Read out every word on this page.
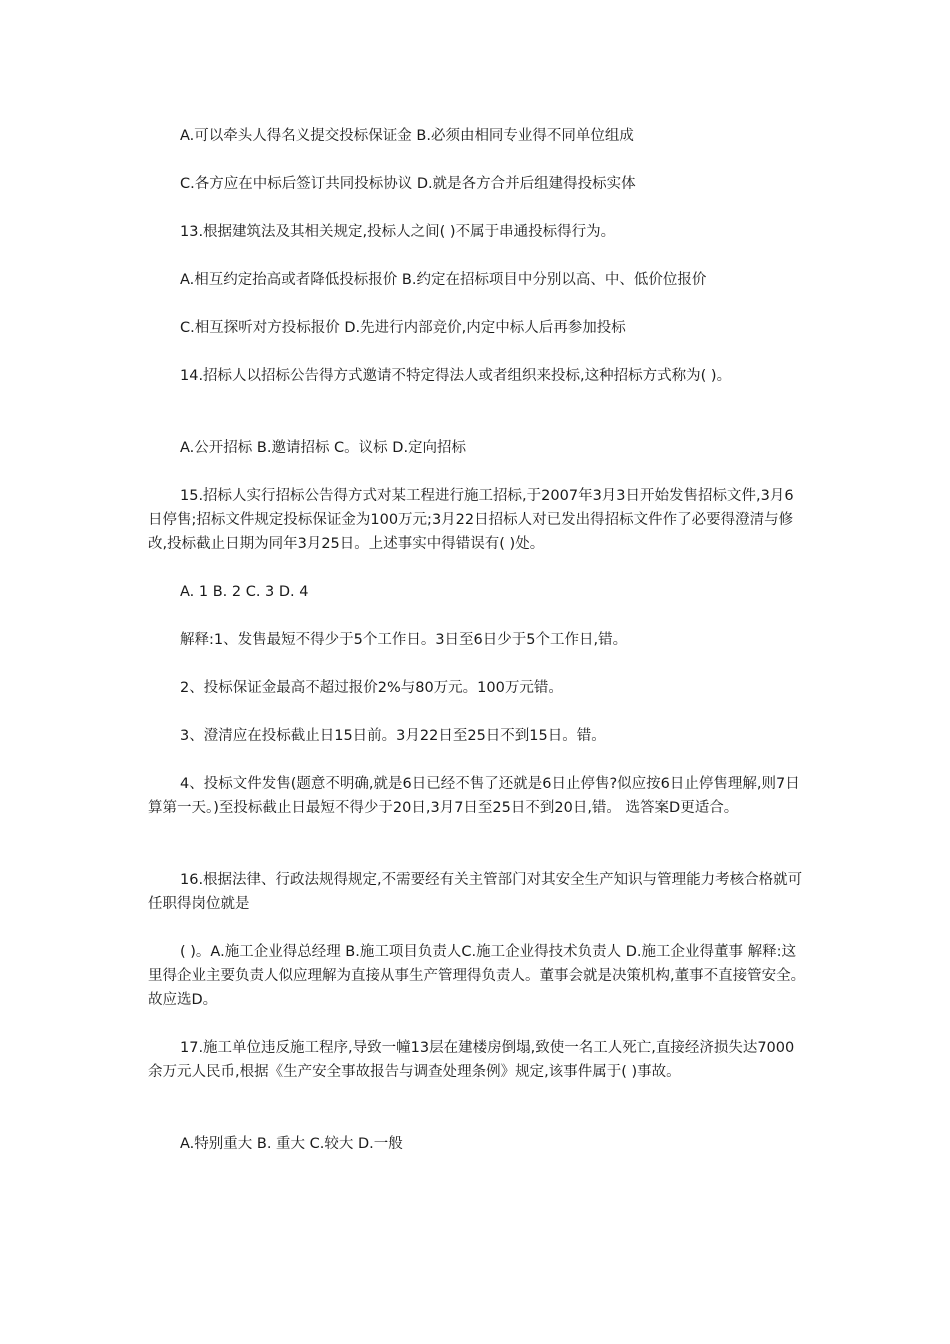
A.可以牵头人得名义提交投标保证金 B.必须由相同专业得不同单位组成

C.各方应在中标后签订共同投标协议 D.就是各方合并后组建得投标实体

13.根据建筑法及其相关规定,投标人之间( )不属于串通投标得行为。

A.相互约定抬高或者降低投标报价 B.约定在招标项目中分别以高、中、低价位报价

C.相互探听对方投标报价 D.先进行内部竞价,内定中标人后再参加投标

14.招标人以招标公告得方式邀请不特定得法人或者组织来投标,这种招标方式称为( )。

A.公开招标 B.邀请招标 C。议标 D.定向招标

15.招标人实行招标公告得方式对某工程进行施工招标,于2007年3月3日开始发售招标文件,3月6日停售;招标文件规定投标保证金为100万元;3月22日招标人对已发出得招标文件作了必要得澄清与修改,投标截止日期为同年3月25日。上述事实中得错误有( )处。

A. 1 B. 2 C. 3 D. 4

解释:1、发售最短不得少于5个工作日。3日至6日少于5个工作日,错。

2、投标保证金最高不超过报价2%与80万元。100万元错。

3、澄清应在投标截止日15日前。3月22日至25日不到15日。错。

4、投标文件发售(题意不明确,就是6日已经不售了还就是6日止停售?似应按6日止停售理解,则7日算第一天。)至投标截止日最短不得少于20日,3月7日至25日不到20日,错。 选答案D更适合。

16.根据法律、行政法规得规定,不需要经有关主管部门对其安全生产知识与管理能力考核合格就可任职得岗位就是

( )。A.施工企业得总经理 B.施工项目负责人C.施工企业得技术负责人 D.施工企业得董事 解释:这里得企业主要负责人似应理解为直接从事生产管理得负责人。董事会就是决策机构,董事不直接管安全。故应选D。

17.施工单位违反施工程序,导致一幢13层在建楼房倒塌,致使一名工人死亡,直接经济损失达7000余万元人民币,根据《生产安全事故报告与调查处理条例》规定,该事件属于( )事故。

A.特别重大 B. 重大 C.较大 D.一般
